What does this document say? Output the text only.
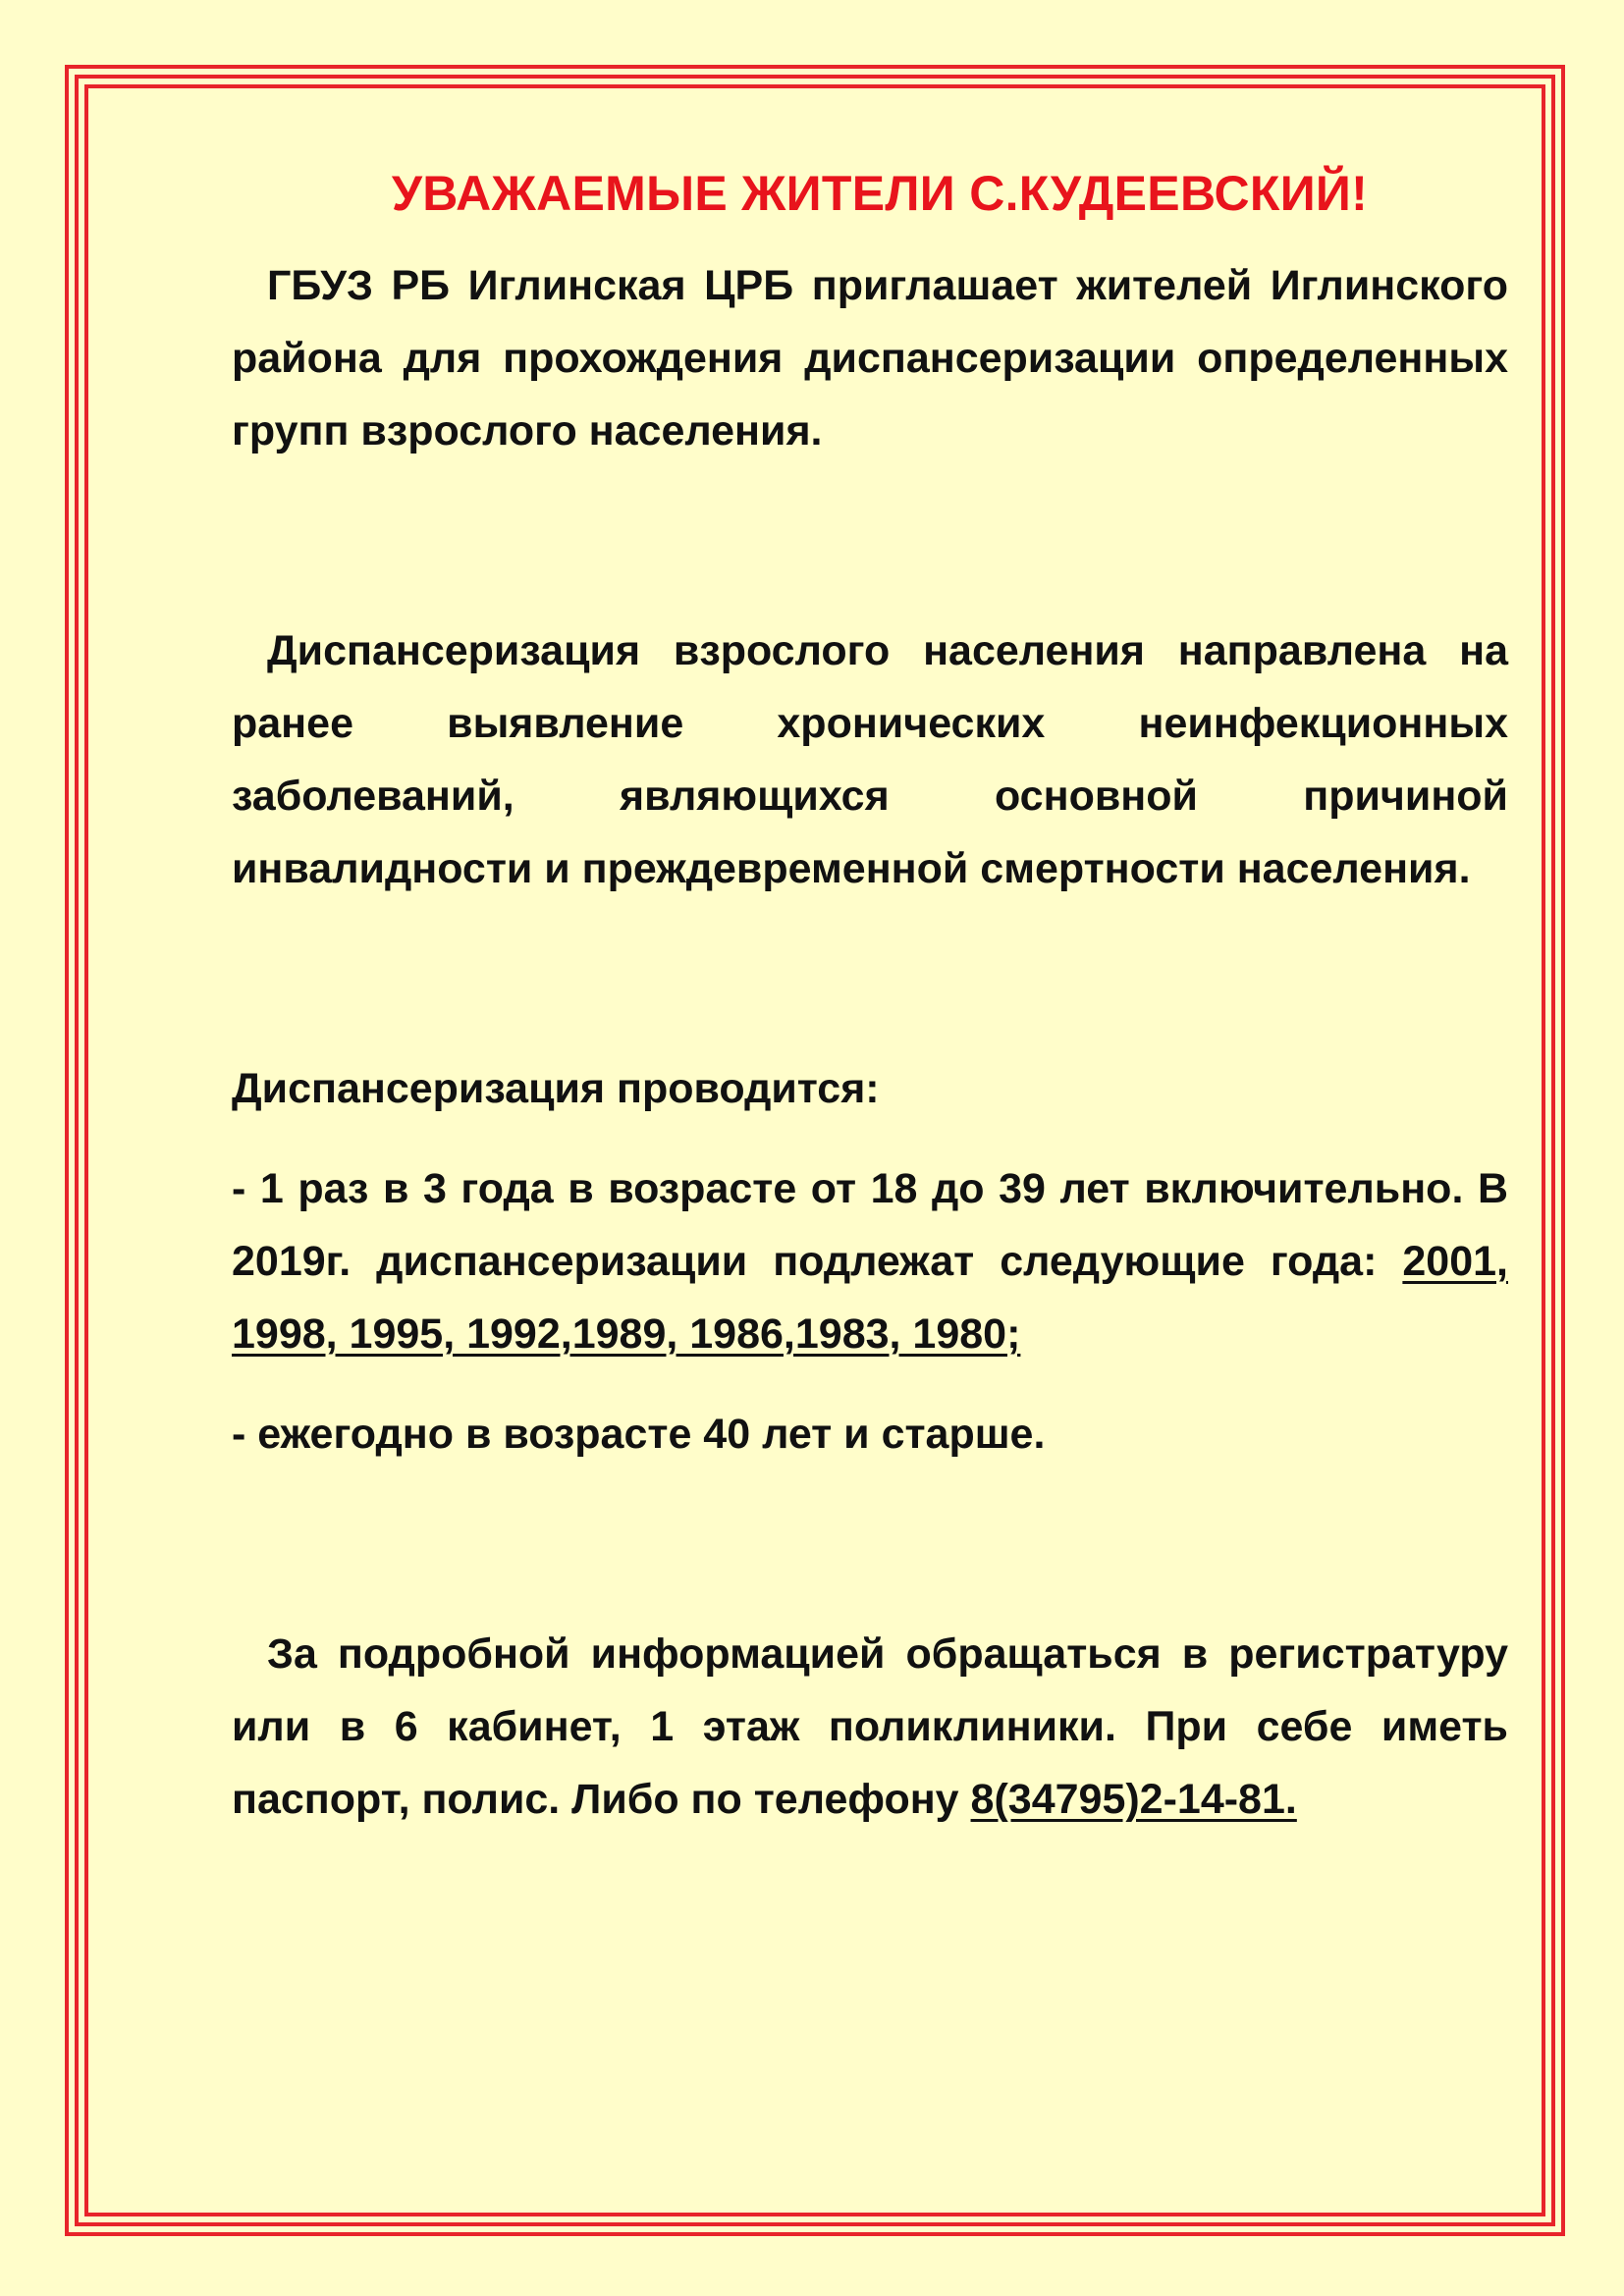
УВАЖАЕМЫЕ ЖИТЕЛИ С.КУДЕЕВСКИЙ!

ГБУЗ РБ Иглинская ЦРБ приглашает жителей Иглинского района для прохождения диспансеризации определенных групп взрослого населения.

Диспансеризация взрослого населения направлена на ранее выявление хронических неинфекционных заболеваний, являющихся основной причиной инвалидности и преждевременной смертности населения.

Диспансеризация проводится:

- 1 раз в 3 года в возрасте от 18 до 39 лет включительно. В 2019г. диспансеризации подлежат следующие года: 2001, 1998, 1995, 1992,1989, 1986,1983, 1980;

- ежегодно в возрасте 40 лет и старше.

За подробной информацией обращаться в регистратуру или в 6 кабинет, 1 этаж поликлиники. При себе иметь паспорт, полис. Либо по телефону 8(34795)2-14-81.
